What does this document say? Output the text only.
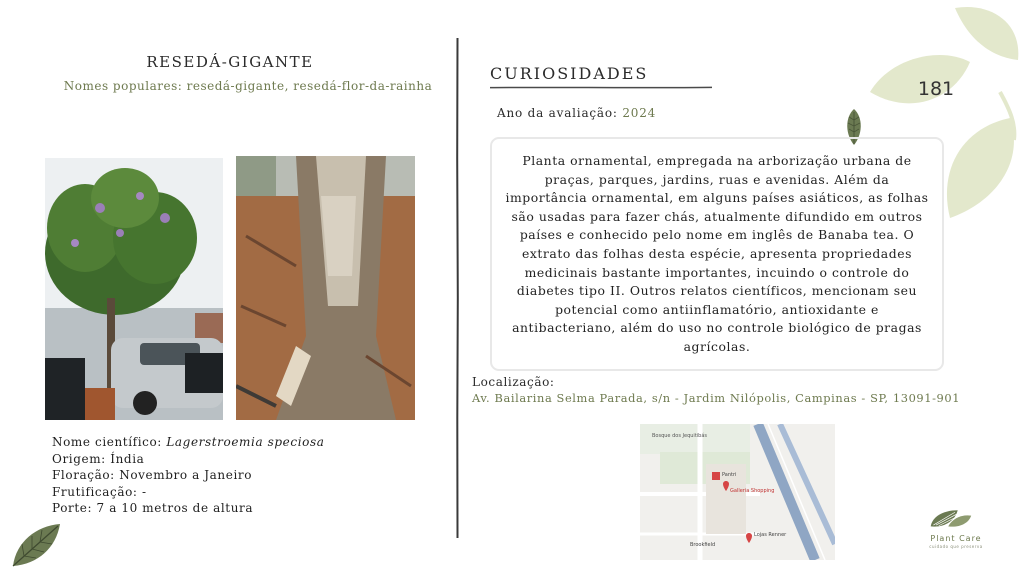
181
RESEDÁ-GIGANTE
Nomes populares: resedá-gigante, resedá-flor-da-rainha
Nome científico: Lagerstroemia speciosa
Origem: Índia
Floração: Novembro a Janeiro
Frutificação: -
Porte: 7 a 10 metros de altura
CURIOSIDADES
Ano da avaliação: 2024
Planta ornamental, empregada na arborização urbana de praças, parques, jardins, ruas e avenidas. Além da importância ornamental, em alguns países asiáticos, as folhas são usadas para fazer chás, atualmente difundido em outros países e conhecido pelo nome em inglês de Banaba tea. O extrato das folhas desta espécie, apresenta propriedades medicinais bastante importantes, incuindo o controle do diabetes tipo II. Outros relatos científicos, mencionam seu potencial como antiinflamatório, antioxidante e antibacteriano, além do uso no controle biológico de pragas agrícolas.
Localização:
Av. Bailarina Selma Parada, s/n - Jardim Nilópolis, Campinas - SP, 13091-901
Bosque dos Jequitibás
Galleria Shopping
Pantri
Lojas Renner
Brookfield
Plant Care
cuidado que preserva
